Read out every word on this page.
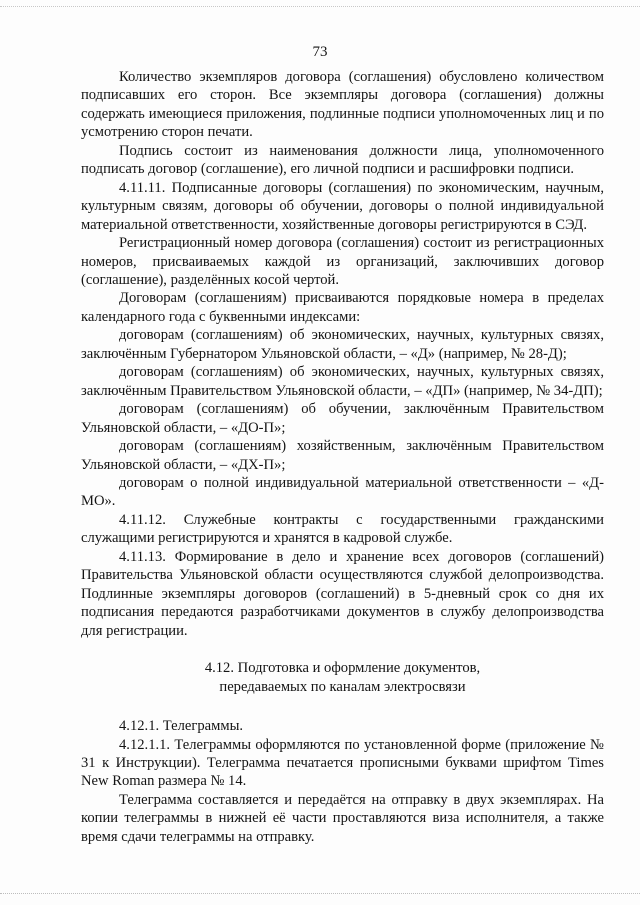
73

Количество экземпляров договора (соглашения) обусловлено количеством подписавших его сторон. Все экземпляры договора (соглашения) должны содержать имеющиеся приложения, подлинные подписи уполномоченных лиц и по усмотрению сторон печати.

Подпись состоит из наименования должности лица, уполномоченного подписать договор (соглашение), его личной подписи и расшифровки подписи.

4.11.11. Подписанные договоры (соглашения) по экономическим, научным, культурным связям, договоры об обучении, договоры о полной индивидуальной материальной ответственности, хозяйственные договоры регистрируются в СЭД.

Регистрационный номер договора (соглашения) состоит из регистрационных номеров, присваиваемых каждой из организаций, заключивших договор (соглашение), разделённых косой чертой.

Договорам (соглашениям) присваиваются порядковые номера в пределах календарного года с буквенными индексами:

договорам (соглашениям) об экономических, научных, культурных связях, заключённым Губернатором Ульяновской области, – «Д» (например, № 28-Д);

договорам (соглашениям) об экономических, научных, культурных связях, заключённым Правительством Ульяновской области, – «ДП» (например, № 34-ДП);

договорам (соглашениям) об обучении, заключённым Правительством Ульяновской области, – «ДО-П»;

договорам (соглашениям) хозяйственным, заключённым Правительством Ульяновской области, – «ДХ-П»;

договорам о полной индивидуальной материальной ответственности – «Д-МО».

4.11.12. Служебные контракты с государственными гражданскими служащими регистрируются и хранятся в кадровой службе.

4.11.13. Формирование в дело и хранение всех договоров (соглашений) Правительства Ульяновской области осуществляются службой делопроизводства. Подлинные экземпляры договоров (соглашений) в 5-дневный срок со дня их подписания передаются разработчиками документов в службу делопроизводства для регистрации.

4.12. Подготовка и оформление документов,
передаваемых по каналам электросвязи

4.12.1. Телеграммы.

4.12.1.1. Телеграммы оформляются по установленной форме (приложение № 31 к Инструкции). Телеграмма печатается прописными буквами шрифтом Times New Roman размера № 14.

Телеграмма составляется и передаётся на отправку в двух экземплярах. На копии телеграммы в нижней её части проставляются виза исполнителя, а также время сдачи телеграммы на отправку.
